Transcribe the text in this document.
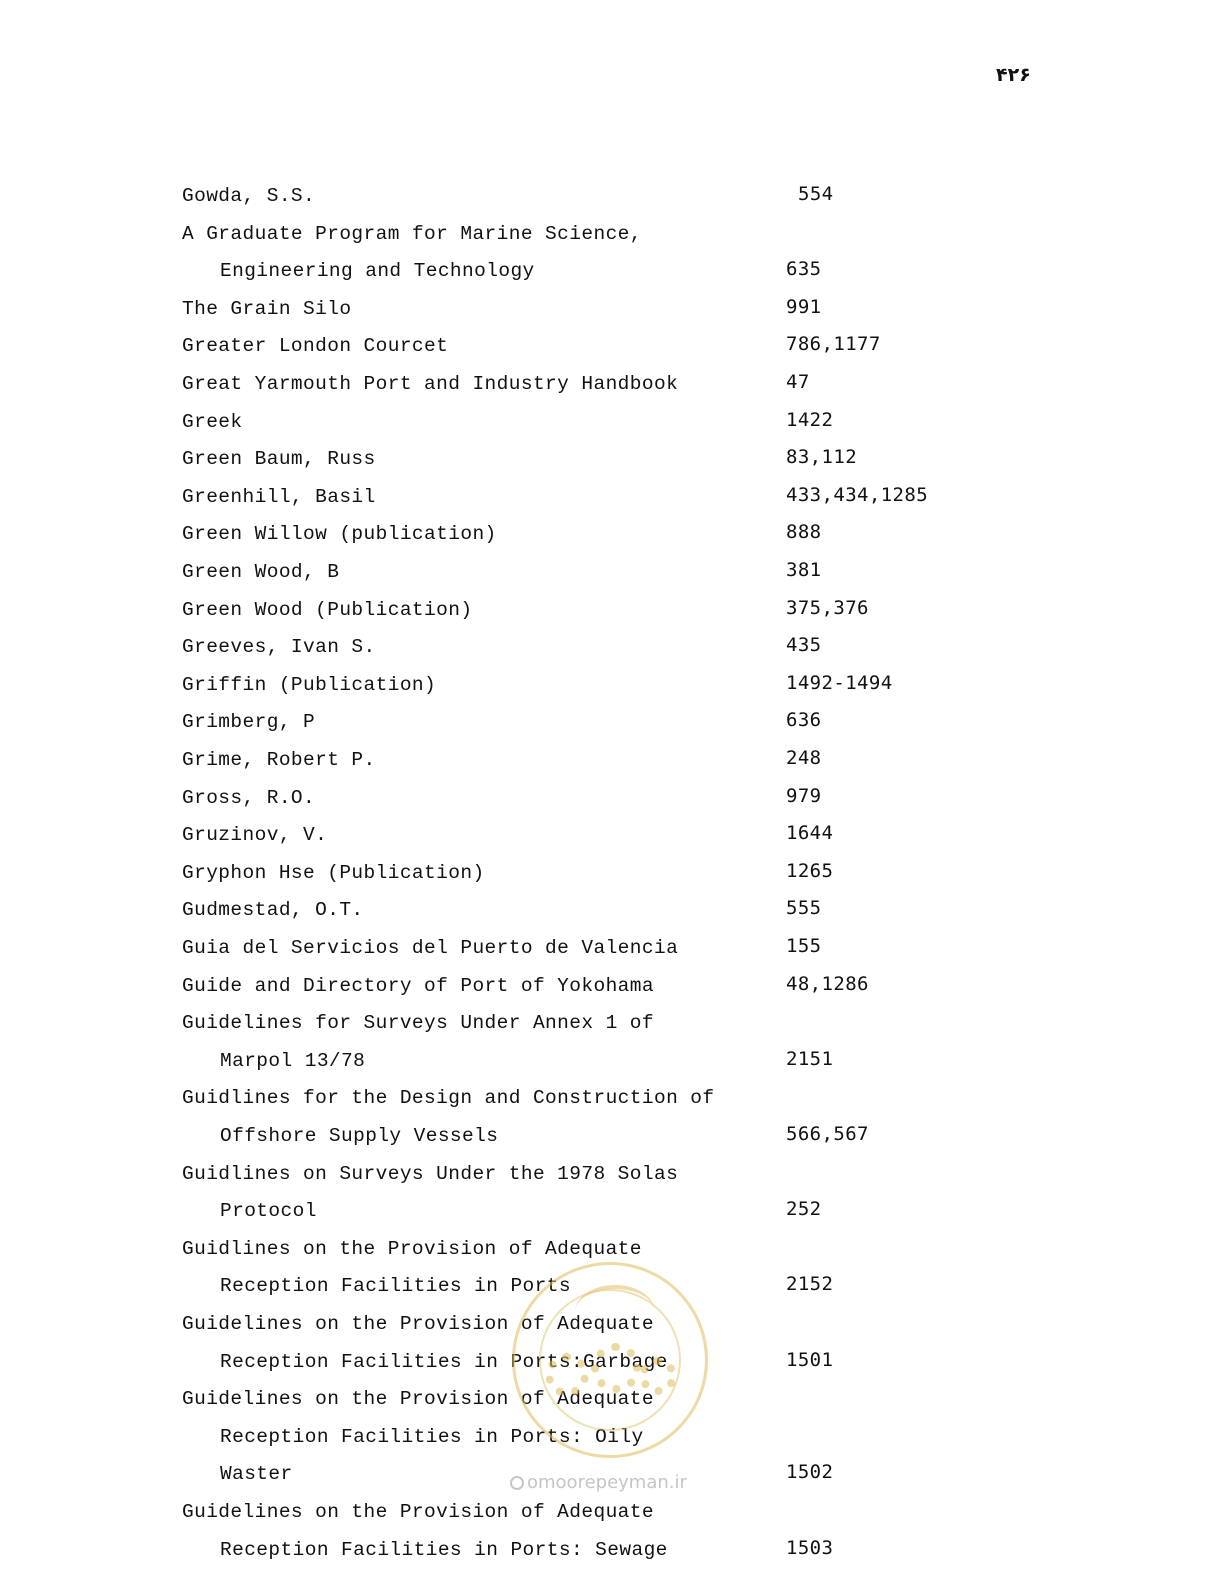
۴۲۶
Gowda, S.S.	554
A Graduate Program for Marine Science,
Engineering and Technology	635
The Grain Silo	991
Greater London Courcet	786,1177
Great Yarmouth Port and Industry Handbook	47
Greek	1422
Green Baum, Russ	83,112
Greenhill, Basil	433,434,1285
Green Willow (publication)	888
Green Wood, B	381
Green Wood (Publication)	375,376
Greeves, Ivan S.	435
Griffin (Publication)	1492-1494
Grimberg, P	636
Grime, Robert P.	248
Gross, R.O.	979
Gruzinov, V.	1644
Gryphon Hse (Publication)	1265
Gudmestad, O.T.	555
Guia del Servicios del Puerto de Valencia	155
Guide and Directory of Port of Yokohama	48,1286
Guidelines for Surveys Under Annex 1 of
Marpol 13/78	2151
Guidlines for the Design and Construction of
Offshore Supply Vessels	566,567
Guidlines on Surveys Under the 1978 Solas
Protocol	252
Guidlines on the Provision of Adequate
Reception Facilities in Ports	2152
Guidelines on the Provision of Adequate
Reception Facilities in Ports:Garbage	1501
Guidelines on the Provision of Adequate
Reception Facilities in Ports: Oily
Waster	1502
Guidelines on the Provision of Adequate
Reception Facilities in Ports: Sewage	1503
omoorepeyman.ir
